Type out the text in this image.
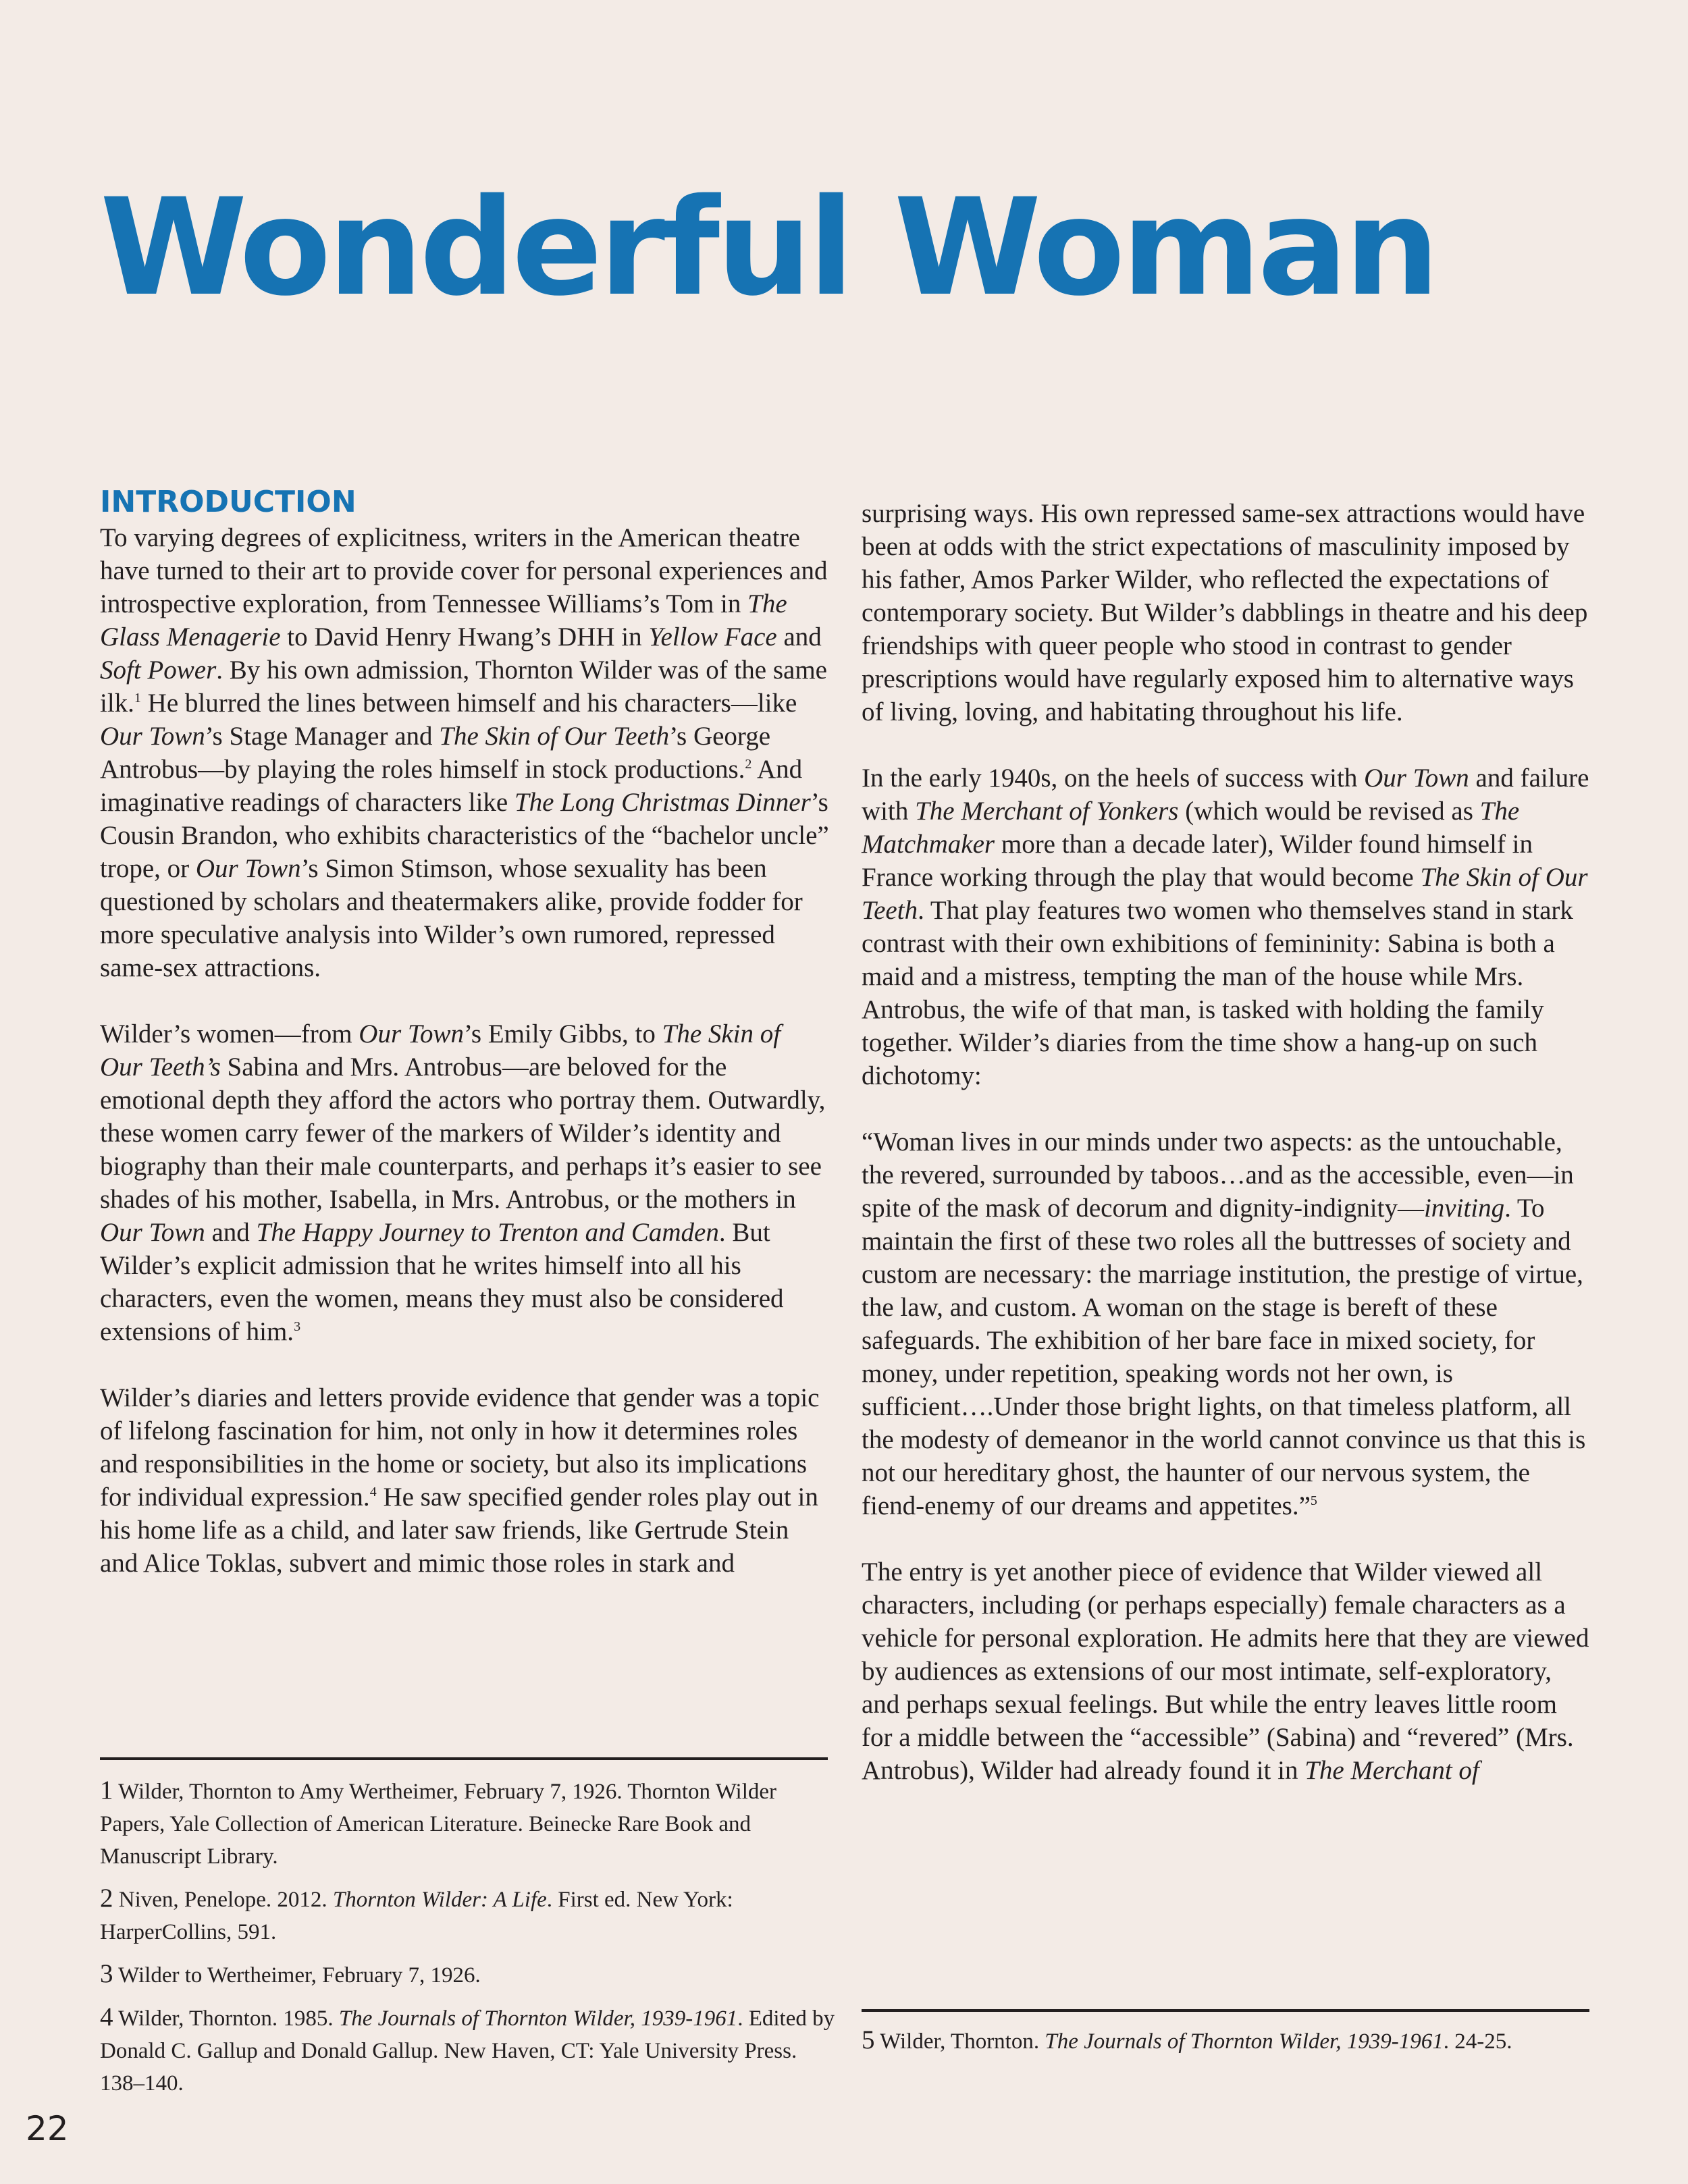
Wonderful Woman
INTRODUCTION

To varying degrees of explicitness, writers in the American theatre have turned to their art to provide cover for personal experiences and introspective exploration, from Tennessee Williams’s Tom in The Glass Menagerie to David Henry Hwang’s DHH in Yellow Face and Soft Power. By his own admission, Thornton Wilder was of the same ilk.$^1$ He blurred the lines between himself and his characters—like Our Town’s Stage Manager and The Skin of Our Teeth’s George Antrobus—by playing the roles himself in stock productions.$^2$ And imaginative readings of characters like The Long Christmas Dinner’s Cousin Brandon, who exhibits characteristics of the “bachelor uncle” trope, or Our Town’s Simon Stimson, whose sexuality has been questioned by scholars and theatermakers alike, provide fodder for more speculative analysis into Wilder’s own rumored, repressed same-sex attractions.

Wilder’s women—from Our Town’s Emily Gibbs, to The Skin of Our Teeth’s Sabina and Mrs. Antrobus—are beloved for the emotional depth they afford the actors who portray them. Outwardly, these women carry fewer of the markers of Wilder’s identity and biography than their male counterparts, and perhaps it’s easier to see shades of his mother, Isabella, in Mrs. Antrobus, or the mothers in Our Town and The Happy Journey to Trenton and Camden. But Wilder’s explicit admission that he writes himself into all his characters, even the women, means they must also be considered extensions of him.$^3$

Wilder’s diaries and letters provide evidence that gender was a topic of lifelong fascination for him, not only in how it determines roles and responsibilities in the home or society, but also its implications for individual expression.$^4$ He saw specified gender roles play out in his home life as a child, and later saw friends, like Gertrude Stein and Alice Toklas, subvert and mimic those roles in stark and

surprising ways. His own repressed same-sex attractions would have been at odds with the strict expectations of masculinity imposed by his father, Amos Parker Wilder, who reflected the expectations of contemporary society. But Wilder’s dabblings in theatre and his deep friendships with queer people who stood in contrast to gender prescriptions would have regularly exposed him to alternative ways of living, loving, and habitating throughout his life.

In the early 1940s, on the heels of success with Our Town and failure with The Merchant of Yonkers (which would be revised as The Matchmaker more than a decade later), Wilder found himself in France working through the play that would become The Skin of Our Teeth. That play features two women who themselves stand in stark contrast with their own exhibitions of femininity: Sabina is both a maid and a mistress, tempting the man of the house while Mrs. Antrobus, the wife of that man, is tasked with holding the family together. Wilder’s diaries from the time show a hang-up on such dichotomy:

“Woman lives in our minds under two aspects: as the untouchable, the revered, surrounded by taboos…and as the accessible, even—in spite of the mask of decorum and dignity-indignity—inviting. To maintain the first of these two roles all the buttresses of society and custom are necessary: the marriage institution, the prestige of virtue, the law, and custom. A woman on the stage is bereft of these safeguards. The exhibition of her bare face in mixed society, for money, under repetition, speaking words not her own, is sufficient….Under those bright lights, on that timeless platform, all the modesty of demeanor in the world cannot convince us that this is not our hereditary ghost, the haunter of our nervous system, the fiend-enemy of our dreams and appetites.”$^5$

The entry is yet another piece of evidence that Wilder viewed all characters, including (or perhaps especially) female characters as a vehicle for personal exploration. He admits here that they are viewed by audiences as extensions of our most intimate, self-exploratory, and perhaps sexual feelings. But while the entry leaves little room for a middle between the “accessible” (Sabina) and “revered” (Mrs. Antrobus), Wilder had already found it in The Merchant of

1 Wilder, Thornton to Amy Wertheimer, February 7, 1926. Thornton Wilder Papers, Yale Collection of American Literature. Beinecke Rare Book and Manuscript Library.

2 Niven, Penelope. 2012. Thornton Wilder: A Life. First ed. New York: HarperCollins, 591.

3 Wilder to Wertheimer, February 7, 1926.

4 Wilder, Thornton. 1985. The Journals of Thornton Wilder, 1939-1961. Edited by Donald C. Gallup and Donald Gallup. New Haven, CT: Yale University Press. 138–140.

5 Wilder, Thornton. The Journals of Thornton Wilder, 1939-1961. 24-25.

22
